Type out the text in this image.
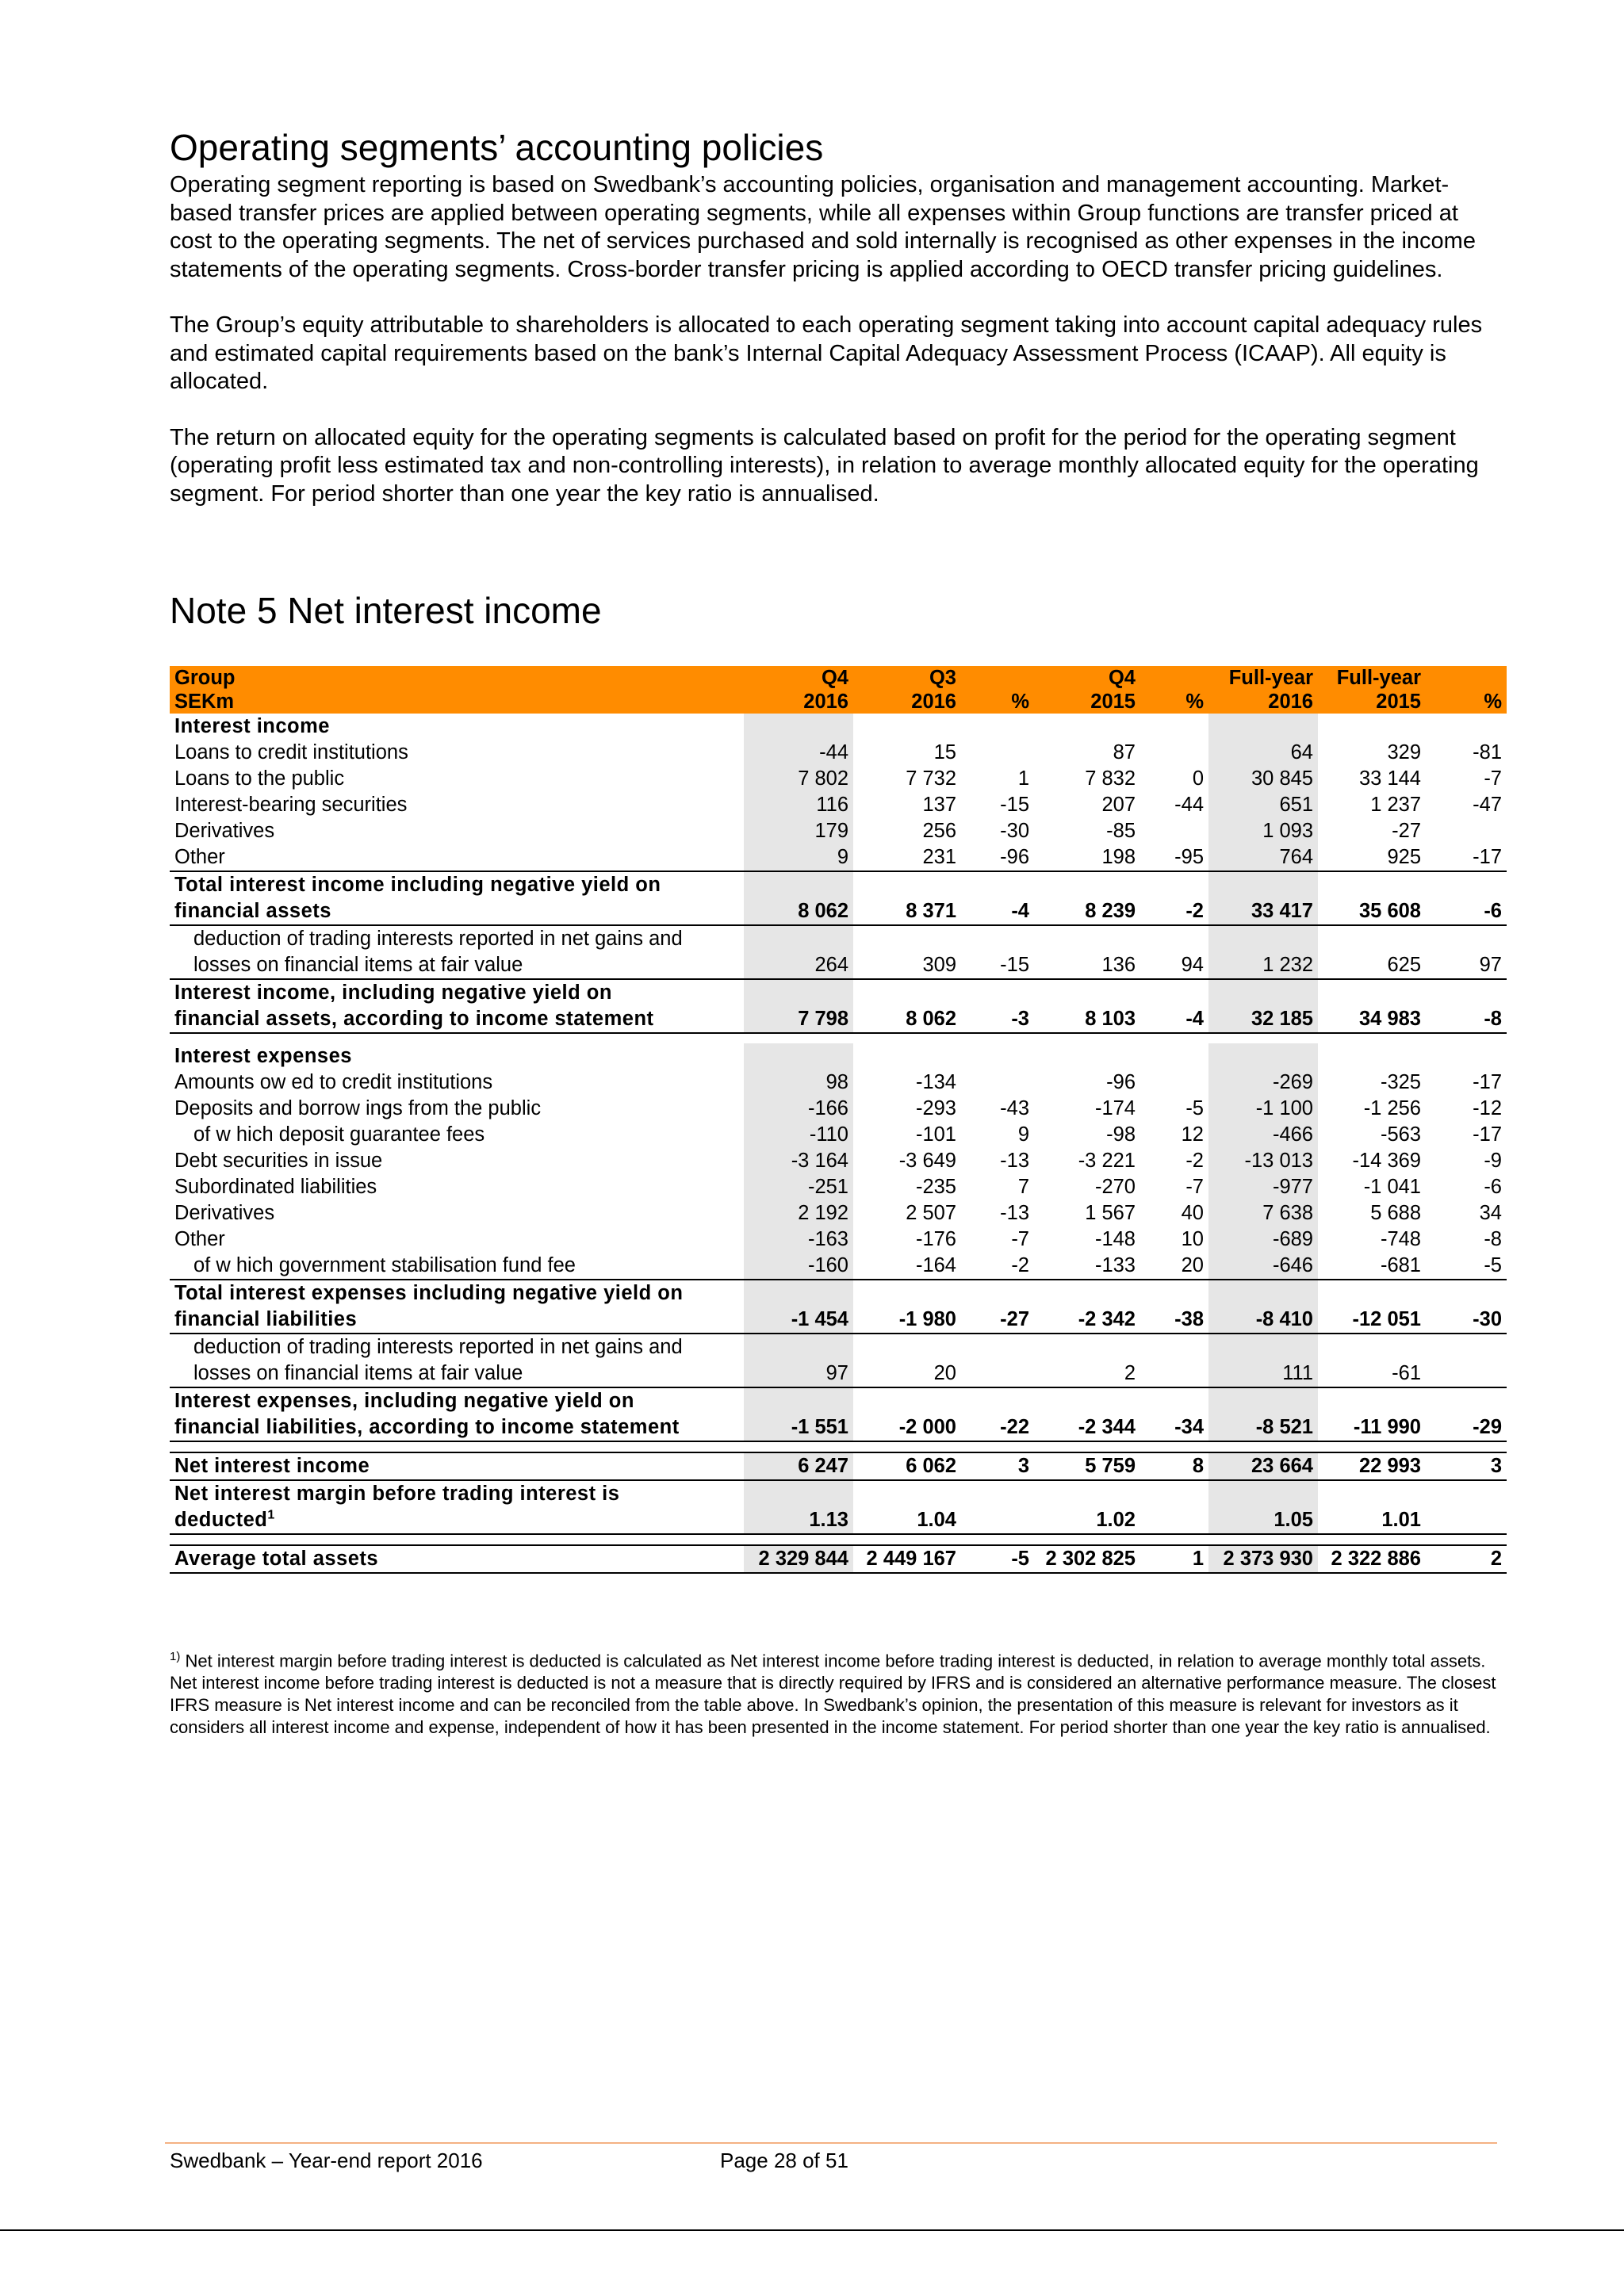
Operating segments’ accounting policies

Operating segment reporting is based on Swedbank’s accounting policies, organisation and management accounting. Market-based transfer prices are applied between operating segments, while all expenses within Group functions are transfer priced at cost to the operating segments. The net of services purchased and sold internally is recognised as other expenses in the income statements of the operating segments. Cross-border transfer pricing is applied according to OECD transfer pricing guidelines.

The Group’s equity attributable to shareholders is allocated to each operating segment taking into account capital adequacy rules and estimated capital requirements based on the bank’s Internal Capital Adequacy Assessment Process (ICAAP). All equity is allocated.

The return on allocated equity for the operating segments is calculated based on profit for the period for the operating segment (operating profit less estimated tax and non-controlling interests), in relation to average monthly allocated equity for the operating segment. For period shorter than one year the key ratio is annualised.

Note 5 Net interest income
Group	Q4	Q3		Q4		Full-year	Full-year	
SEKm	2016	2016	%	2015	%	2016	2015	%
Interest income								
Loans to credit institutions	-44	15		87		64	329	-81
Loans to the public	7 802	7 732	1	7 832	0	30 845	33 144	-7
Interest-bearing securities	116	137	-15	207	-44	651	1 237	-47
Derivatives	179	256	-30	-85		1 093	-27	
Other	9	231	-96	198	-95	764	925	-17
Total interest income including negative yield on								
financial assets	8 062	8 371	-4	8 239	-2	33 417	35 608	-6
deduction of trading interests reported in net gains and								
losses on financial items at fair value	264	309	-15	136	94	1 232	625	97
Interest income, including negative yield on								
financial assets, according to income statement	7 798	8 062	-3	8 103	-4	32 185	34 983	-8

Interest expenses								
Amounts ow ed to credit institutions	98	-134		-96		-269	-325	-17
Deposits and borrow ings from the public	-166	-293	-43	-174	-5	-1 100	-1 256	-12
of w hich deposit guarantee fees	-110	-101	9	-98	12	-466	-563	-17
Debt securities in issue	-3 164	-3 649	-13	-3 221	-2	-13 013	-14 369	-9
Subordinated liabilities	-251	-235	7	-270	-7	-977	-1 041	-6
Derivatives	2 192	2 507	-13	1 567	40	7 638	5 688	34
Other	-163	-176	-7	-148	10	-689	-748	-8
of w hich government stabilisation fund fee	-160	-164	-2	-133	20	-646	-681	-5
Total interest expenses including negative yield on								
financial liabilities	-1 454	-1 980	-27	-2 342	-38	-8 410	-12 051	-30
deduction of trading interests reported in net gains and								
losses on financial items at fair value	97	20		2		111	-61	
Interest expenses, including negative yield on								
financial liabilities, according to income statement	-1 551	-2 000	-22	-2 344	-34	-8 521	-11 990	-29

Net interest income	6 247	6 062	3	5 759	8	23 664	22 993	3
Net interest margin before trading interest is								
deducted$^1$	1.13	1.04		1.02		1.05	1.01	

Average total assets	2 329 844	2 449 167	-5	2 302 825	1	2 373 930	2 322 886	2
$^{1)}$ Net interest margin before trading interest is deducted is calculated as Net interest income before trading interest is deducted, in relation to average monthly total assets. Net interest income before trading interest is deducted is not a measure that is directly required by IFRS and is considered an alternative performance measure. The closest IFRS measure is Net interest income and can be reconciled from the table above. In Swedbank’s opinion, the presentation of this measure is relevant for investors as it considers all interest income and expense, independent of how it has been presented in the income statement. For period shorter than one year the key ratio is annualised.
Swedbank – Year-end report 2016	Page 28 of 51
